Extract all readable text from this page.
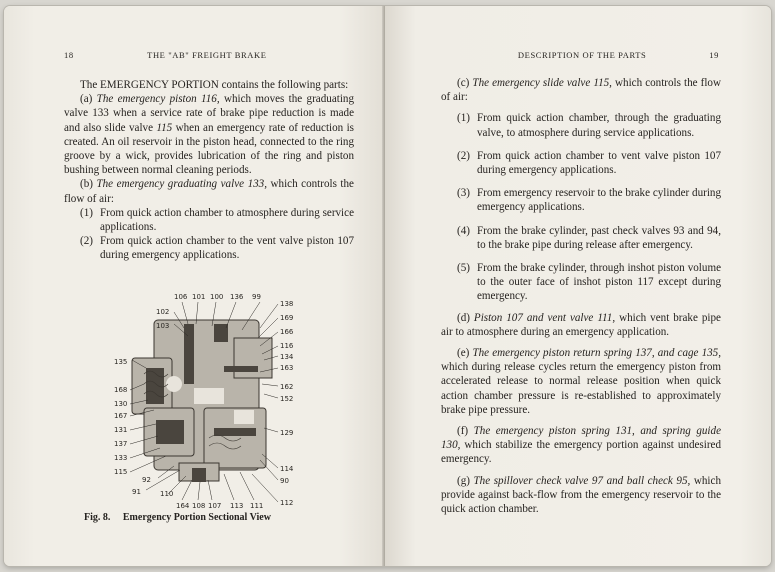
18	THE "AB" FREIGHT BRAKE

The EMERGENCY PORTION contains the following parts:

(a) The emergency piston 116, which moves the graduating valve 133 when a service rate of brake pipe reduction is made and also slide valve 115 when an emergency rate of reduction is created. An oil reservoir in the piston head, connected to the ring groove by a wick, provides lubrication of the ring and piston bushing between normal cleaning periods.

(b) The emergency graduating valve 133, which controls the flow of air:

(1) From quick action chamber to atmosphere during service applications.
(2) From quick action chamber to the vent valve piston 107 during emergency applications.
106 101 100 136 99
102
103
135
168
130
167
131
137
133
115
92
91	110
138
169
166
116
134
163
162
152
129
114
90
112
164 108 107 113 111
Fig. 8. Emergency Portion Sectional View
DESCRIPTION OF THE PARTS	19

(c) The emergency slide valve 115, which controls the flow of air:

(1) From quick action chamber, through the graduating valve, to atmosphere during service applications.
(2) From quick action chamber to vent valve piston 107 during emergency applications.
(3) From emergency reservoir to the brake cylinder during emergency applications.
(4) From the brake cylinder, past check valves 93 and 94, to the brake pipe during release after emergency.
(5) From the brake cylinder, through inshot piston volume to the outer face of inshot piston 117 except during emergency.

(d) Piston 107 and vent valve 111, which vent brake pipe air to atmosphere during an emergency application.

(e) The emergency piston return spring 137, and cage 135, which during release cycles return the emergency piston from accelerated release to normal release position when quick action chamber pressure is re-established to approximately brake pipe pressure.

(f) The emergency piston spring 131, and spring guide 130, which stabilize the emergency portion against undesired emergency.

(g) The spillover check valve 97 and ball check 95, which provide against back-flow from the emergency reservoir to the quick action chamber.
